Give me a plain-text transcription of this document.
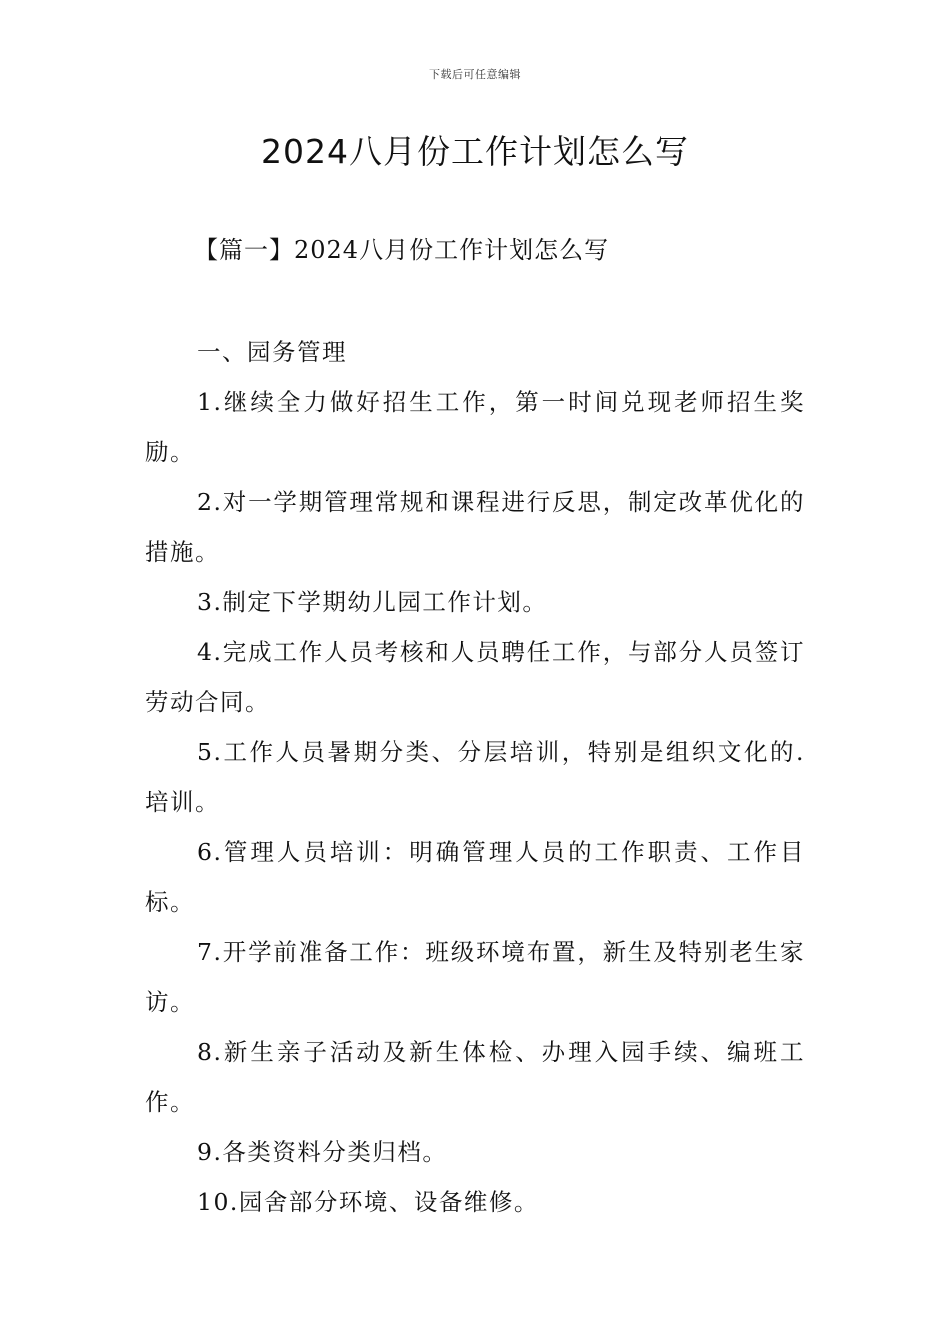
下载后可任意编辑
2024八月份工作计划怎么写
【篇一】2024八月份工作计划怎么写

一、园务管理

1.继续全力做好招生工作，第一时间兑现老师招生奖励。

2.对一学期管理常规和课程进行反思，制定改革优化的措施。

3.制定下学期幼儿园工作计划。

4.完成工作人员考核和人员聘任工作，与部分人员签订劳动合同。

5.工作人员暑期分类、分层培训，特别是组织文化的.培训。

6.管理人员培训：明确管理人员的工作职责、工作目标。

7.开学前准备工作：班级环境布置，新生及特别老生家访。

8.新生亲子活动及新生体检、办理入园手续、编班工作。

9.各类资料分类归档。

10.园舍部分环境、设备维修。
